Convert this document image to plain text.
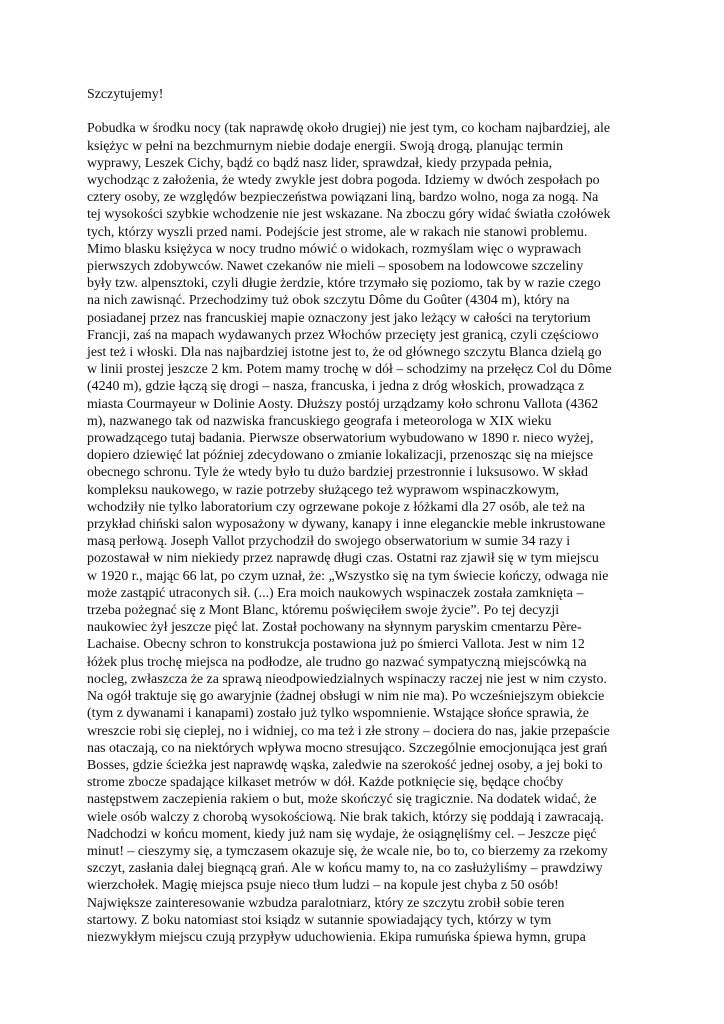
Szczytujemy!
Pobudka w środku nocy (tak naprawdę około drugiej) nie jest tym, co kocham najbardziej, ale
księżyc w pełni na bezchmurnym niebie dodaje energii. Swoją drogą, planując termin
wyprawy, Leszek Cichy, bądź co bądź nasz lider, sprawdzał, kiedy przypada pełnia,
wychodząc z założenia, że wtedy zwykle jest dobra pogoda. Idziemy w dwóch zespołach po
cztery osoby, ze względów bezpieczeństwa powiązani liną, bardzo wolno, noga za nogą. Na
tej wysokości szybkie wchodzenie nie jest wskazane. Na zboczu góry widać światła czołówek
tych, którzy wyszli przed nami. Podejście jest strome, ale w rakach nie stanowi problemu.
Mimo blasku księżyca w nocy trudno mówić o widokach, rozmyślam więc o wyprawach
pierwszych zdobywców. Nawet czekanów nie mieli – sposobem na lodowcowe szczeliny
były tzw. alpensztoki, czyli długie żerdzie, które trzymało się poziomo, tak by w razie czego
na nich zawisnąć. Przechodzimy tuż obok szczytu Dôme du Goûter (4304 m), który na
posiadanej przez nas francuskiej mapie oznaczony jest jako leżący w całości na terytorium
Francji, zaś na mapach wydawanych przez Włochów przecięty jest granicą, czyli częściowo
jest też i włoski. Dla nas najbardziej istotne jest to, że od głównego szczytu Blanca dzielą go
w linii prostej jeszcze 2 km. Potem mamy trochę w dół – schodzimy na przełęcz Col du Dôme
(4240 m), gdzie łączą się drogi – nasza, francuska, i jedna z dróg włoskich, prowadząca z
miasta Courmayeur w Dolinie Aosty. Dłuższy postój urządzamy koło schronu Vallota (4362
m), nazwanego tak od nazwiska francuskiego geografa i meteorologa w XIX wieku
prowadzącego tutaj badania. Pierwsze obserwatorium wybudowano w 1890 r. nieco wyżej,
dopiero dziewięć lat później zdecydowano o zmianie lokalizacji, przenosząc się na miejsce
obecnego schronu. Tyle że wtedy było tu dużo bardziej przestronnie i luksusowo. W skład
kompleksu naukowego, w razie potrzeby służącego też wyprawom wspinaczkowym,
wchodziły nie tylko laboratorium czy ogrzewane pokoje z łóżkami dla 27 osób, ale też na
przykład chiński salon wyposażony w dywany, kanapy i inne eleganckie meble inkrustowane
masą perłową. Joseph Vallot przychodził do swojego obserwatorium w sumie 34 razy i
pozostawał w nim niekiedy przez naprawdę długi czas. Ostatni raz zjawił się w tym miejscu
w 1920 r., mając 66 lat, po czym uznał, że: „Wszystko się na tym świecie kończy, odwaga nie
może zastąpić utraconych sił. (...) Era moich naukowych wspinaczek została zamknięta –
trzeba pożegnać się z Mont Blanc, któremu poświęciłem swoje życie”. Po tej decyzji
naukowiec żył jeszcze pięć lat. Został pochowany na słynnym paryskim cmentarzu Père-
Lachaise. Obecny schron to konstrukcja postawiona już po śmierci Vallota. Jest w nim 12
łóżek plus trochę miejsca na podłodze, ale trudno go nazwać sympatyczną miejscówką na
nocleg, zwłaszcza że za sprawą nieodpowiedzialnych wspinaczy raczej nie jest w nim czysto.
Na ogół traktuje się go awaryjnie (żadnej obsługi w nim nie ma). Po wcześniejszym obiekcie
(tym z dywanami i kanapami) zostało już tylko wspomnienie. Wstające słońce sprawia, że
wreszcie robi się cieplej, no i widniej, co ma też i złe strony – dociera do nas, jakie przepaście
nas otaczają, co na niektórych wpływa mocno stresująco. Szczególnie emocjonująca jest grań
Bosses, gdzie ścieżka jest naprawdę wąska, zaledwie na szerokość jednej osoby, a jej boki to
strome zbocze spadające kilkaset metrów w dół. Każde potknięcie się, będące choćby
następstwem zaczepienia rakiem o but, może skończyć się tragicznie. Na dodatek widać, że
wiele osób walczy z chorobą wysokościową. Nie brak takich, którzy się poddają i zawracają.
Nadchodzi w końcu moment, kiedy już nam się wydaje, że osiągnęliśmy cel. – Jeszcze pięć
minut! – cieszymy się, a tymczasem okazuje się, że wcale nie, bo to, co bierzemy za rzekomy
szczyt, zasłania dalej biegnącą grań. Ale w końcu mamy to, na co zasłużyliśmy – prawdziwy
wierzchołek. Magię miejsca psuje nieco tłum ludzi – na kopule jest chyba z 50 osób!
Największe zainteresowanie wzbudza paralotniarz, który ze szczytu zrobił sobie teren
startowy. Z boku natomiast stoi ksiądz w sutannie spowiadający tych, którzy w tym
niezwykłym miejscu czują przypływ uduchowienia. Ekipa rumuńska śpiewa hymn, grupa
